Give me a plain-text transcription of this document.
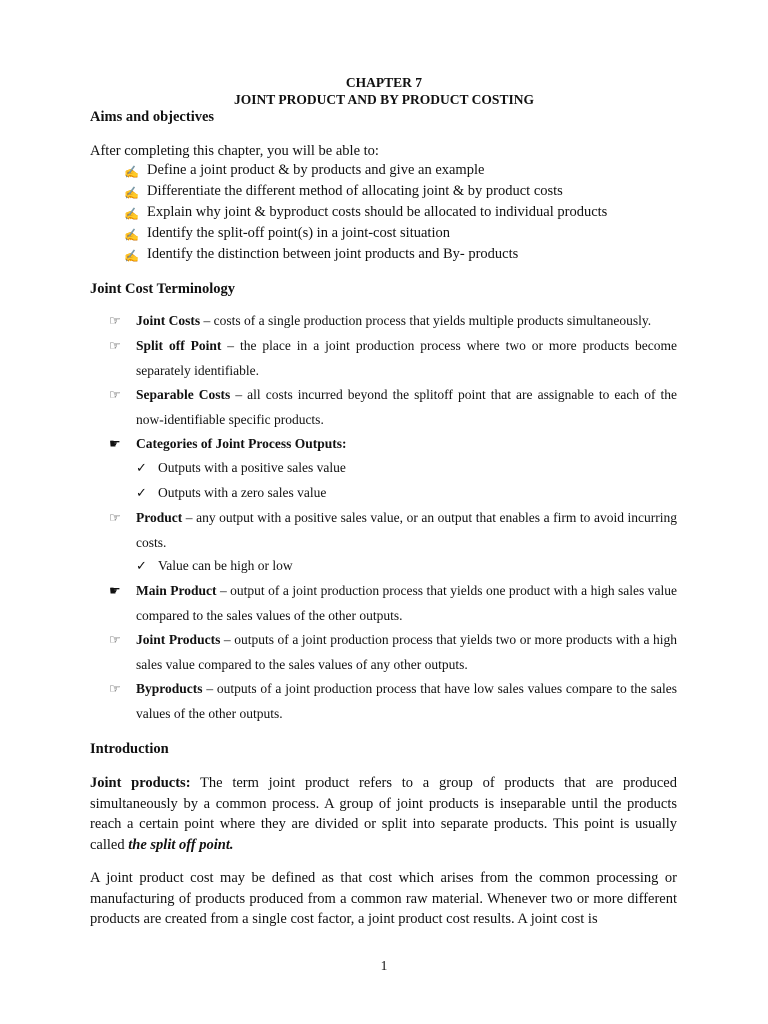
CHAPTER 7
JOINT PRODUCT AND BY PRODUCT COSTING
Aims and objectives
After completing this chapter, you will be able to:
✍ Define a joint product & by products and give an example
✍ Differentiate the different method of allocating joint & by product costs
✍ Explain why joint & byproduct costs should be allocated to individual products
✍ Identify the split-off point(s) in a joint-cost situation
✍ Identify the distinction between joint products and By- products
Joint Cost Terminology
☞ Joint Costs – costs of a single production process that yields multiple products simultaneously.
☞ Split off Point – the place in a joint production process where two or more products become separately identifiable.
☞ Separable Costs – all costs incurred beyond the splitoff point that are assignable to each of the now-identifiable specific products.
☛ Categories of Joint Process Outputs:
✓ Outputs with a positive sales value
✓ Outputs with a zero sales value
☞ Product – any output with a positive sales value, or an output that enables a firm to avoid incurring costs.
✓ Value can be high or low
☛ Main Product – output of a joint production process that yields one product with a high sales value compared to the sales values of the other outputs.
☞ Joint Products – outputs of a joint production process that yields two or more products with a high sales value compared to the sales values of any other outputs.
☞ Byproducts – outputs of a joint production process that have low sales values compare to the sales values of the other outputs.
Introduction
Joint products: The term joint product refers to a group of products that are produced simultaneously by a common process. A group of joint products is inseparable until the products reach a certain point where they are divided or split into separate products. This point is usually called the split off point.
A joint product cost may be defined as that cost which arises from the common processing or manufacturing of products produced from a common raw material. Whenever two or more different products are created from a single cost factor, a joint product cost results. A joint cost is
1
